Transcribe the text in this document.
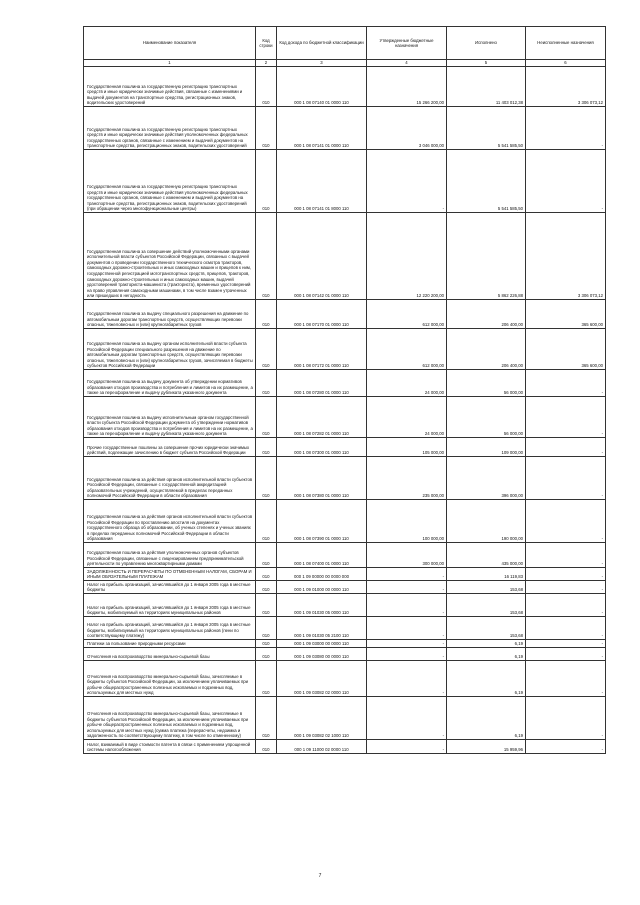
Наименование показателя	Код строки	Код дохода по бюджетной классификации	Утвержденные бюджетные назначения	Исполнено	Неисполненные назначения
1	2	3	4	5	6
Государственная пошлина за государственную регистрацию транспортных средств и иные юридически значимые действия, связанные с изменениями и выдачей документов на транспортные средства, регистрационных знаков, водительских удостоверений	010	000 1 08 07140 01 0000 110	15 266 200,00	11 403 012,38	3 306 073,12
Государственная пошлина за государственную регистрацию транспортных средств и иные юридически значимые действия уполномоченных федеральных государственных органов, связанные с изменением и выдачей документов на транспортные средства, регистрационных знаков, водительских удостоверений	010	000 1 08 07141 01 0000 110	3 046 000,00	5 541 585,50	-
Государственная пошлина за государственную регистрацию транспортных средств и иные юридически значимые действия уполномоченных федеральных государственных органов, связанные с изменением и выдачей документов на транспортные средства, регистрационных знаков, водительских удостоверений (при обращении через многофункциональные центры)	010	000 1 08 07141 01 8000 110	-	5 541 585,50	-
Государственная пошлина за совершение действий уполномоченными органами исполнительной власти субъектов Российской Федерации, связанных с выдачей документов о проведении государственного технического осмотра тракторов, самоходных дорожно-строительных и иных самоходных машин и прицепов к ним, государственной регистрацией мототранспортных средств, прицепов, тракторов, самоходных дорожно-строительных и иных самоходных машин, выдачей удостоверений тракториста-машиниста (тракториста), временных удостоверений на право управления самоходными машинами, в том числе взамен утраченных или пришедших в негодность	010	000 1 08 07142 01 0000 110	12 220 200,00	5 862 226,88	3 306 073,12
Государственная пошлина за выдачу специального разрешения на движение по автомобильным дорогам транспортных средств, осуществляющих перевозки опасных, тяжеловесных и (или) крупногабаритных грузов	010	000 1 08 07170 01 0000 110	612 000,00	206 400,00	365 600,00
Государственная пошлина за выдачу органом исполнительной власти субъекта Российской Федерации специального разрешения на движение по автомобильным дорогам транспортных средств, осуществляющих перевозки опасных, тяжеловесных и (или) крупногабаритных грузов, зачисляемая в бюджеты субъектов Российской Федерации	010	000 1 08 07172 01 0000 110	612 000,00	206 400,00	365 600,00
Государственная пошлина за выдачу документа об утверждении нормативов образования отходов производства и потребления и лимитов на их размещение, а также за переоформление и выдачу дубликата указанного документа	010	000 1 08 07280 01 0000 110	24 000,00	56 000,00	-
Государственная пошлина за выдачу исполнительным органом государственной власти субъекта Российской Федерации документа об утверждении нормативов образования отходов производства и потребления и лимитов на их размещение, а также за переоформление и выдачу дубликата указанного документа	010	000 1 08 07282 01 0000 110	24 000,00	56 000,00	-
Прочие государственные пошлины за совершение прочих юридически значимых действий, подлежащие зачислению в бюджет субъекта Российской Федерации	010	000 1 08 07300 01 0000 110	105 000,00	109 000,00	-
Государственная пошлина за действия органов исполнительной власти субъектов Российской Федерации, связанные с государственной аккредитацией образовательных учреждений, осуществляемой в пределах переданных полномочий Российской Федерации в области образования	010	000 1 08 07380 01 0000 110	235 000,00	396 000,00	-
Государственная пошлина за действия органов исполнительной власти субъектов Российской Федерации по проставлению апостиля на документах государственного образца об образовании, об ученых степенях и ученых званиях в пределах переданных полномочий Российской Федерации в области образования	010	000 1 08 07390 01 0000 110	100 000,00	190 000,00	-
Государственная пошлина за действия уполномоченных органов субъектов Российской Федерации, связанные с лицензированием предпринимательской деятельности по управлению многоквартирными домами	010	000 1 08 07400 01 0000 110	300 000,00	435 000,00	-
ЗАДОЛЖЕННОСТЬ И ПЕРЕРАСЧЕТЫ ПО ОТМЕНЕННЫМ НАЛОГАМ, СБОРАМ И ИНЫМ ОБЯЗАТЕЛЬНЫМ ПЛАТЕЖАМ	010	000 1 09 00000 00 0000 000	-	16 119,83	-
Налог на прибыль организаций, зачислявшийся до 1 января 2005 года в местные бюджеты	010	000 1 09 01000 00 0000 110	-	153,68	-
Налог на прибыль организаций, зачислявшийся до 1 января 2005 года в местные бюджеты, мобилизуемый на территориях муниципальных районов	010	000 1 09 01030 05 0000 110	-	153,68	-
Налог на прибыль организаций, зачислявшийся до 1 января 2005 года в местные бюджеты, мобилизуемый на территориях муниципальных районов (пени по соответствующему платежу)	010	000 1 09 01030 05 2100 110	-	153,68	-
Платежи за пользование природными ресурсами	010	000 1 09 03000 00 0000 110	-	6,19	-
Отчисления на воспроизводство минерально-сырьевой базы	010	000 1 09 03080 00 0000 110	-	6,19	-
Отчисления на воспроизводство минерально-сырьевой базы, зачисляемые в бюджеты субъектов Российской Федерации, за исключением уплачиваемых при добыче общераспространенных полезных ископаемых и подземных вод, используемых для местных нужд	010	000 1 09 03082 02 0000 110	-	6,19	-
Отчисления на воспроизводство минерально-сырьевой базы, зачисляемые в бюджеты субъектов Российской Федерации, за исключением уплачиваемых при добыче общераспространенных полезных ископаемых и подземных вод, используемых для местных нужд (сумма платежа (перерасчеты, недоимка и задолженность по соответствующему платежу, в том числе по отмененному)	010	000 1 09 03082 02 1000 110	-	6,19	-
Налог, взимаемый в виде стоимости патента в связи с применением упрощенной системы налогообложения	010	000 1 09 11000 02 0000 110	-	15 959,96	-
7
